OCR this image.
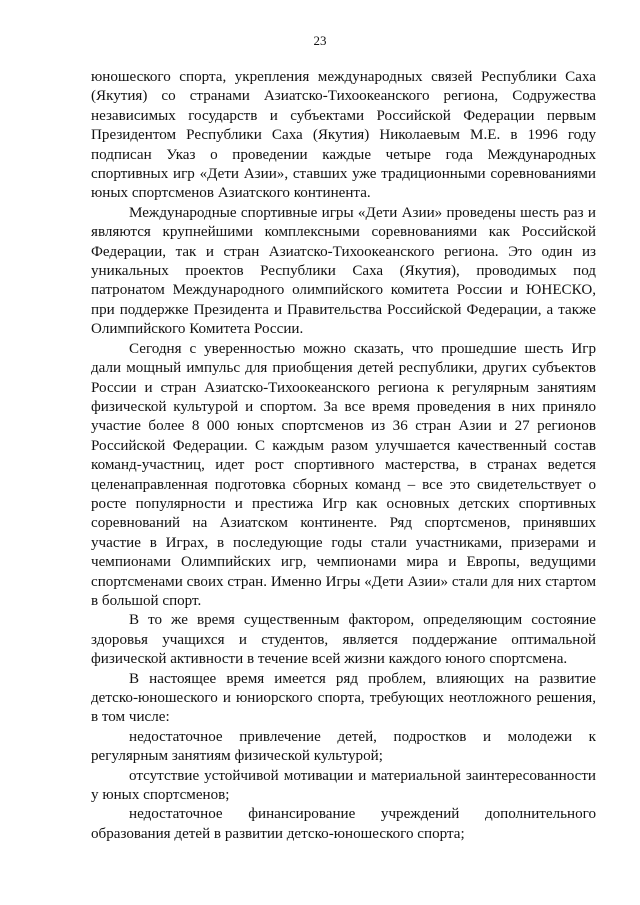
23

юношеского спорта, укрепления международных связей Республики Саха (Якутия) со странами Азиатско-Тихоокеанского региона, Содружества независимых государств и субъектами Российской Федерации первым Президентом Республики Саха (Якутия) Николаевым М.Е. в 1996 году подписан Указ о проведении каждые четыре года Международных спортивных игр «Дети Азии», ставших уже традиционными соревнованиями юных спортсменов Азиатского континента.

Международные спортивные игры «Дети Азии» проведены шесть раз и являются крупнейшими комплексными соревнованиями как Российской Федерации, так и стран Азиатско-Тихоокеанского региона. Это один из уникальных проектов Республики Саха (Якутия), проводимых под патронатом Международного олимпийского комитета России и ЮНЕСКО, при поддержке Президента и Правительства Российской Федерации, а также Олимпийского Комитета России.

Сегодня с уверенностью можно сказать, что прошедшие шесть Игр дали мощный импульс для приобщения детей республики, других субъектов России и стран Азиатско-Тихоокеанского региона к регулярным занятиям физической культурой и спортом. За все время проведения в них приняло участие более 8 000 юных спортсменов из 36 стран Азии и 27 регионов Российской Федерации. С каждым разом улучшается качественный состав команд-участниц, идет рост спортивного мастерства, в странах ведется целенаправленная подготовка сборных команд – все это свидетельствует о росте популярности и престижа Игр как основных детских спортивных соревнований на Азиатском континенте. Ряд спортсменов, принявших участие в Играх, в последующие годы стали участниками, призерами и чемпионами Олимпийских игр, чемпионами мира и Европы, ведущими спортсменами своих стран. Именно Игры «Дети Азии» стали для них стартом в большой спорт.

В то же время существенным фактором, определяющим состояние здоровья учащихся и студентов, является поддержание оптимальной физической активности в течение всей жизни каждого юного спортсмена.

В настоящее время имеется ряд проблем, влияющих на развитие детско-юношеского и юниорского спорта, требующих неотложного решения, в том числе:

недостаточное привлечение детей, подростков и молодежи к регулярным занятиям физической культурой;

отсутствие устойчивой мотивации и материальной заинтересованности у юных спортсменов;

недостаточное финансирование учреждений дополнительного образования детей в развитии детско-юношеского спорта;
